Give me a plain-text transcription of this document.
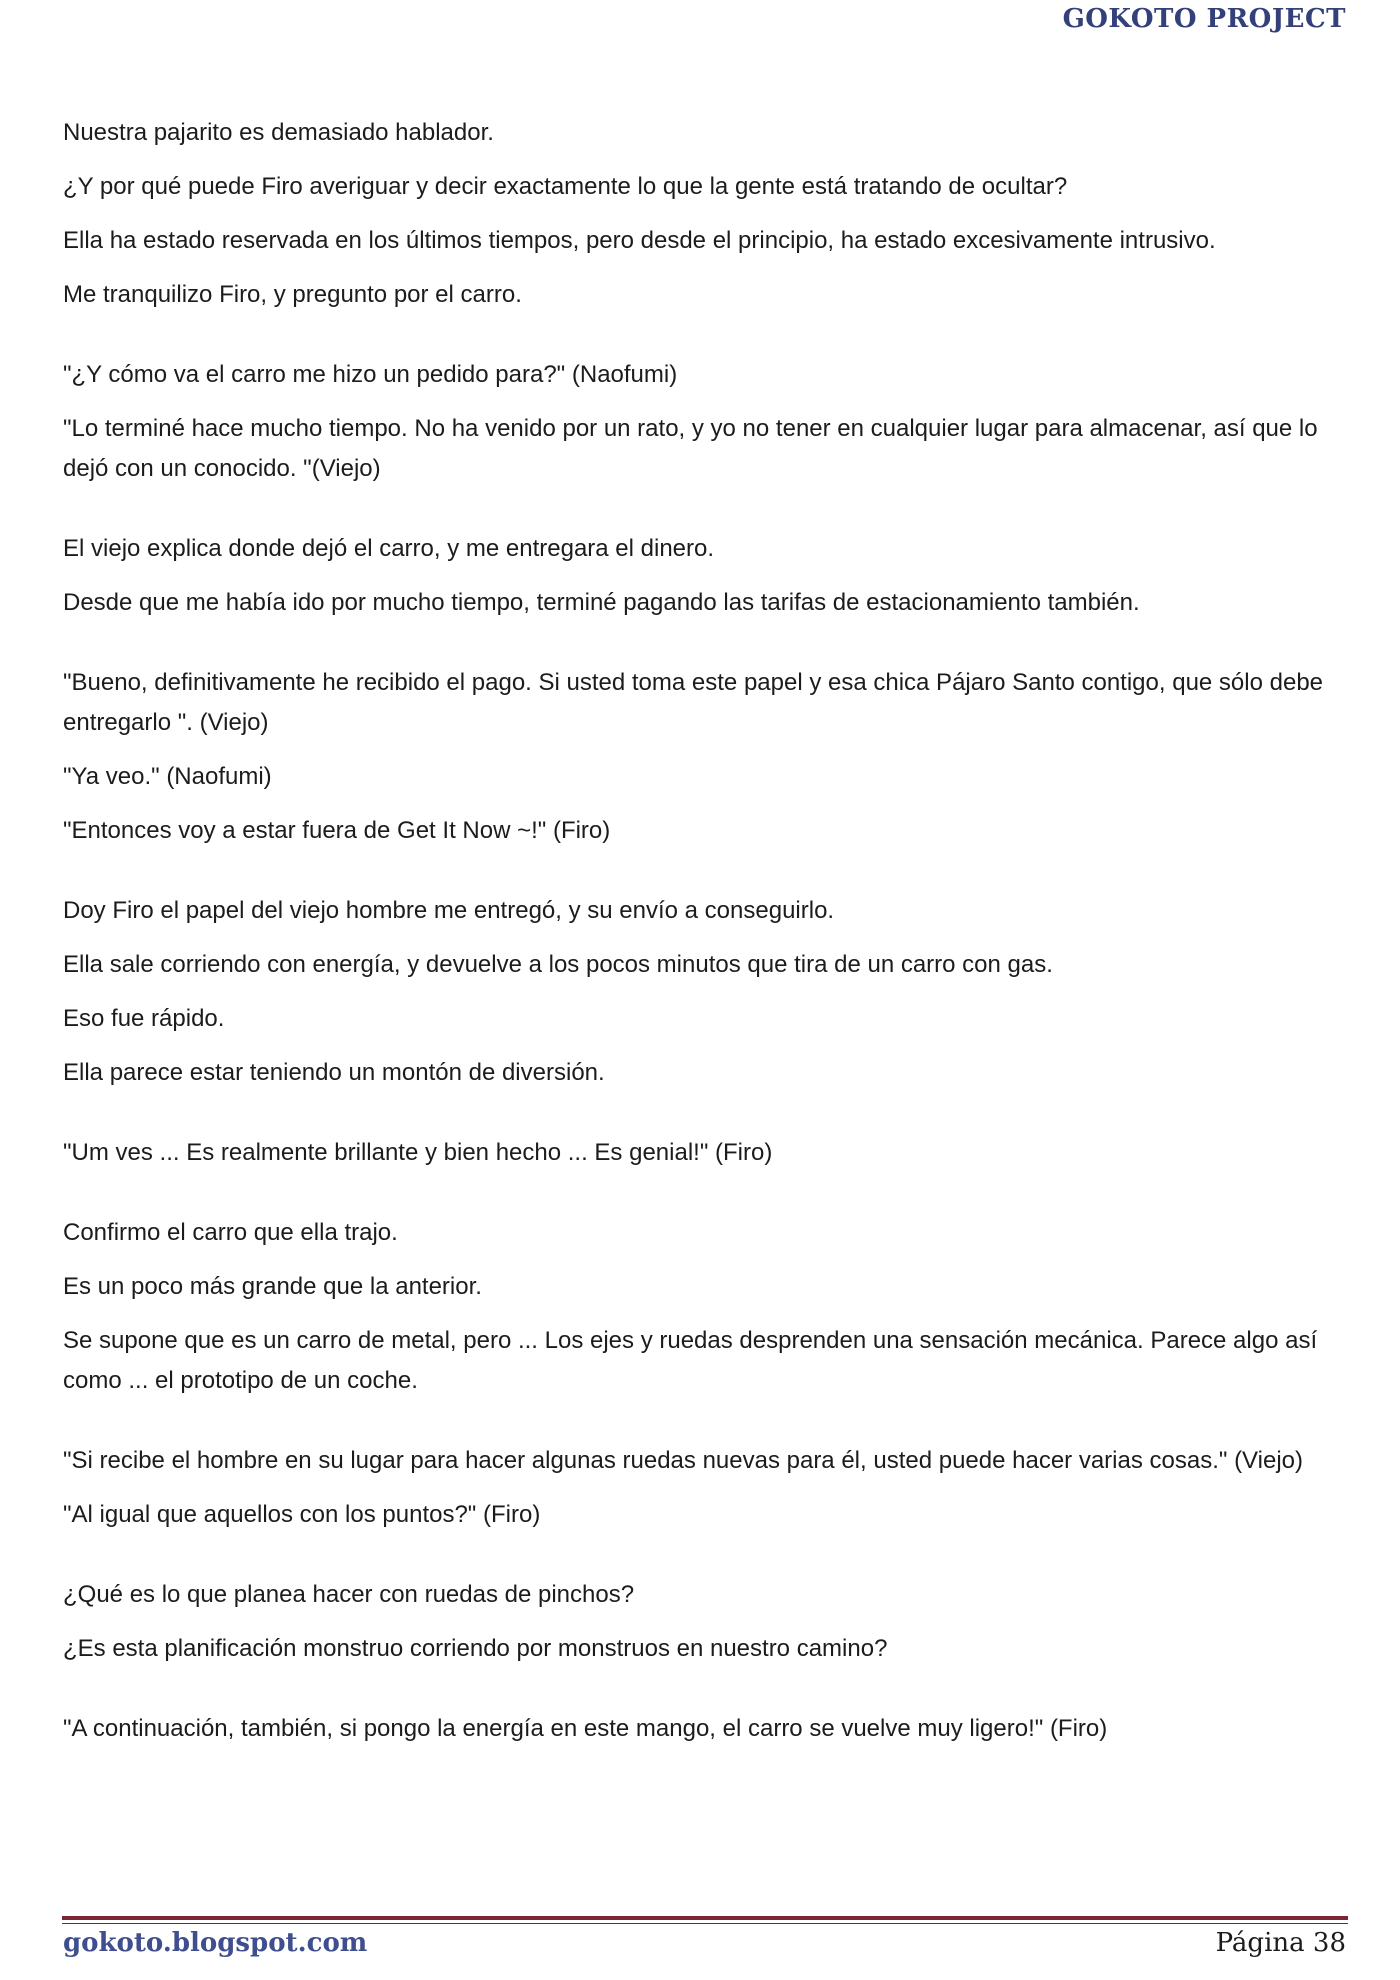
GOKOTO PROJECT

Nuestra pajarito es demasiado hablador.

¿Y por qué puede Firo averiguar y decir exactamente lo que la gente está tratando de ocultar?

Ella ha estado reservada en los últimos tiempos, pero desde el principio, ha estado excesivamente intrusivo.

Me tranquilizo Firo, y pregunto por el carro.

"¿Y cómo va el carro me hizo un pedido para?" (Naofumi)

"Lo terminé hace mucho tiempo. No ha venido por un rato, y yo no tener en cualquier lugar para almacenar, así que lo dejó con un conocido. "(Viejo)

El viejo explica donde dejó el carro, y me entregara el dinero.

Desde que me había ido por mucho tiempo, terminé pagando las tarifas de estacionamiento también.

"Bueno, definitivamente he recibido el pago. Si usted toma este papel y esa chica Pájaro Santo contigo, que sólo debe entregarlo ". (Viejo)

"Ya veo." (Naofumi)

"Entonces voy a estar fuera de Get It Now ~!" (Firo)

Doy Firo el papel del viejo hombre me entregó, y su envío a conseguirlo.

Ella sale corriendo con energía, y devuelve a los pocos minutos que tira de un carro con gas.

Eso fue rápido.

Ella parece estar teniendo un montón de diversión.

"Um ves ... Es realmente brillante y bien hecho ... Es genial!" (Firo)

Confirmo el carro que ella trajo.

Es un poco más grande que la anterior.

Se supone que es un carro de metal, pero ... Los ejes y ruedas desprenden una sensación mecánica. Parece algo así como ... el prototipo de un coche.

"Si recibe el hombre en su lugar para hacer algunas ruedas nuevas para él, usted puede hacer varias cosas." (Viejo)

"Al igual que aquellos con los puntos?" (Firo)

¿Qué es lo que planea hacer con ruedas de pinchos?

¿Es esta planificación monstruo corriendo por monstruos en nuestro camino?

"A continuación, también, si pongo la energía en este mango, el carro se vuelve muy ligero!" (Firo)

gokoto.blogspot.com	Página 38
